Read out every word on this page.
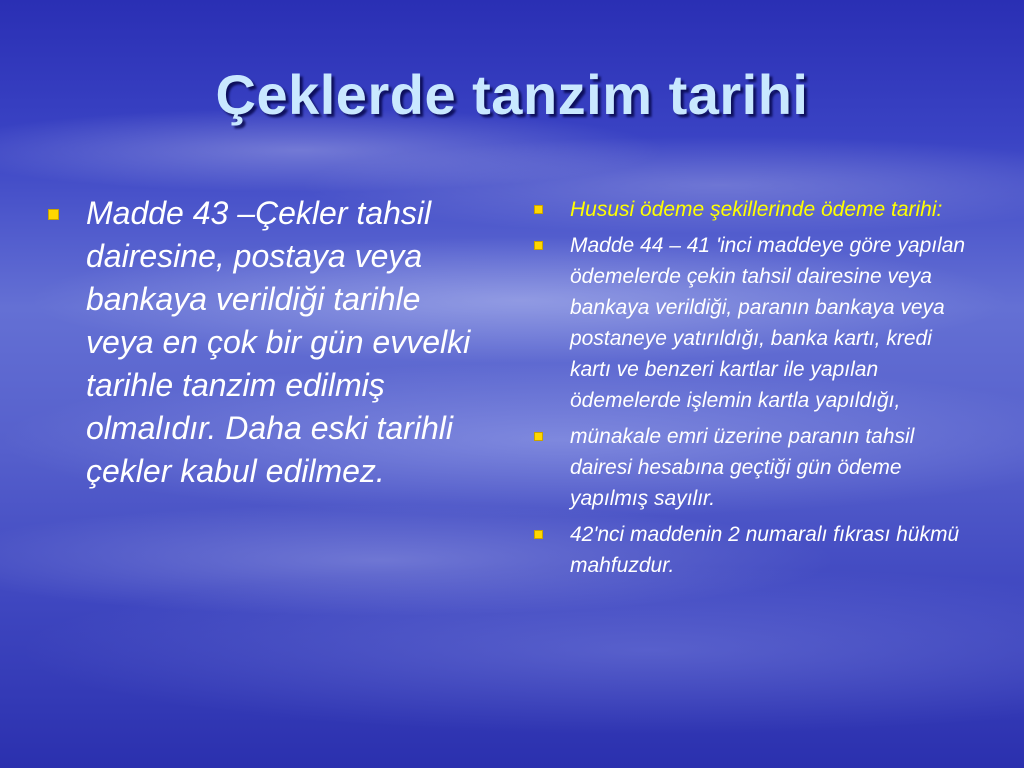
Çeklerde tanzim tarihi
Madde 43 –Çekler tahsil dairesine, postaya veya bankaya verildiği tarihle veya en çok bir gün evvelki tarihle tanzim edilmiş olmalıdır. Daha eski tarihli çekler kabul edilmez.
Hususi ödeme şekillerinde ödeme tarihi:
Madde 44 – 41 'inci maddeye göre yapılan ödemelerde çekin tahsil dairesine veya bankaya verildiği, paranın bankaya veya postaneye yatırıldığı, banka kartı, kredi kartı ve benzeri kartlar ile yapılan ödemelerde işlemin kartla yapıldığı,
münakale emri üzerine paranın tahsil dairesi hesabına geçtiği gün ödeme yapılmış sayılır.
42'nci maddenin 2 numaralı fıkrası hükmü mahfuzdur.
